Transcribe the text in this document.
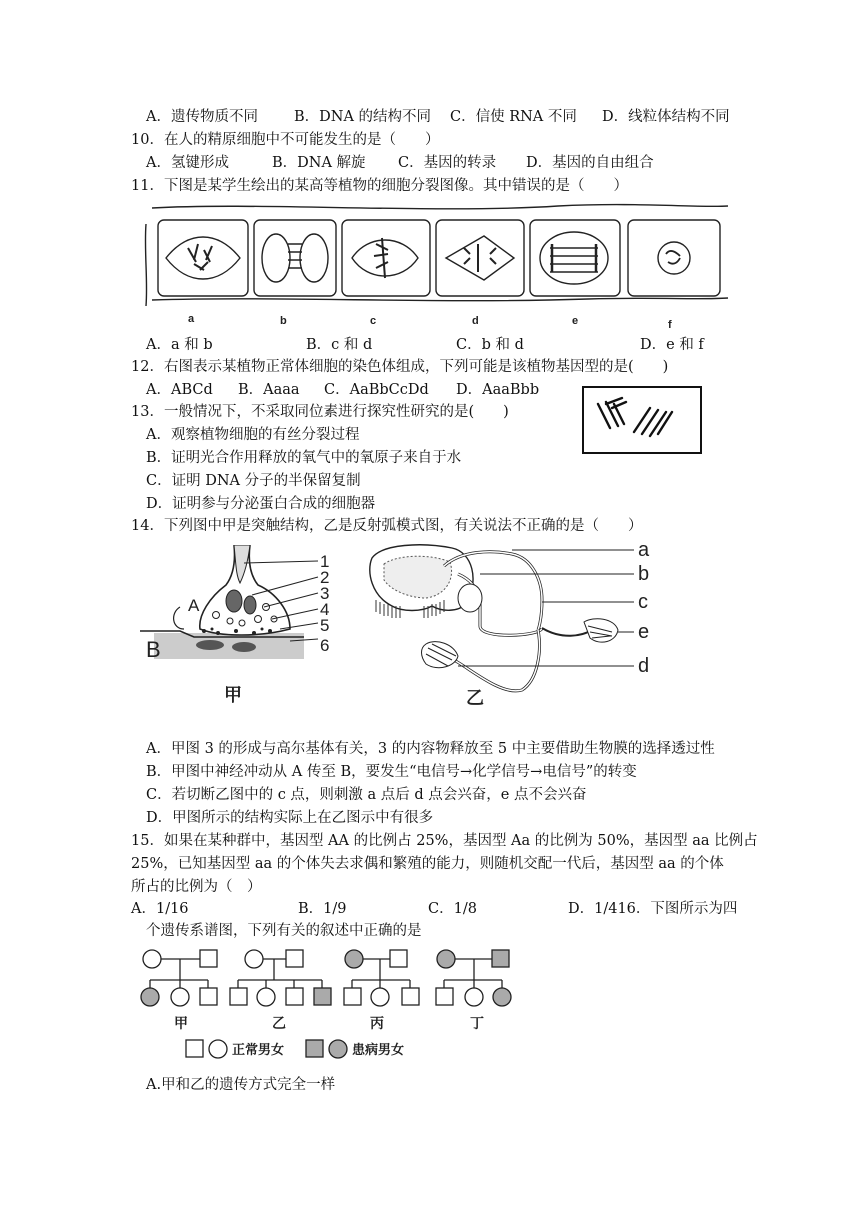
A．遗传物质不同 B．DNA 的结构不同 C．信使 RNA 不同 D．线粒体结构不同
10．在人的精原细胞中不可能发生的是（　　）
A．氢键形成	B．DNA 解旋 C．基因的转录 D．基因的自由组合
11．下图是某学生绘出的某高等植物的细胞分裂图像。其中错误的是（　　）
a	b	c	d	e	f
A．a 和 b	B．c 和 d	C．b 和 d	D．e 和 f
12．右图表示某植物正常体细胞的染色体组成，下列可能是该植物基因型的是(　　)
A．ABCd B．Aaaa C．AaBbCcDd D．AaaBbb
13．一般情况下，不采取同位素进行探究性研究的是(　　)
A．观察植物细胞的有丝分裂过程
B．证明光合作用释放的氧气中的氧原子来自于水
C．证明 DNA 分子的半保留复制
D．证明参与分泌蛋白合成的细胞器
14．下列图中甲是突触结构，乙是反射弧模式图，有关说法不正确的是（　　）
A
B
1
2
3
4
5
6
甲
a
b
c
e
d
乙
A．甲图 3 的形成与高尔基体有关，3 的内容物释放至 5 中主要借助生物膜的选择透过性
B．甲图中神经冲动从 A 传至 B，要发生“电信号→化学信号→电信号”的转变
C．若切断乙图中的 c 点，则刺激 a 点后 d 点会兴奋，e 点不会兴奋
D．甲图所示的结构实际上在乙图示中有很多
15．如果在某种群中，基因型 AA 的比例占 25%，基因型 Aa 的比例为 50%，基因型 aa 比例占
25%，已知基因型 aa 的个体失去求偶和繁殖的能力，则随机交配一代后，基因型 aa 的个体
所占的比例为（　）
A．1/16	B．1/9	C．1/8	D．1/416．下图所示为四
个遗传系谱图，下列有关的叙述中正确的是
甲	乙	丙	丁
正常男女	患病男女
A.甲和乙的遗传方式完全一样
